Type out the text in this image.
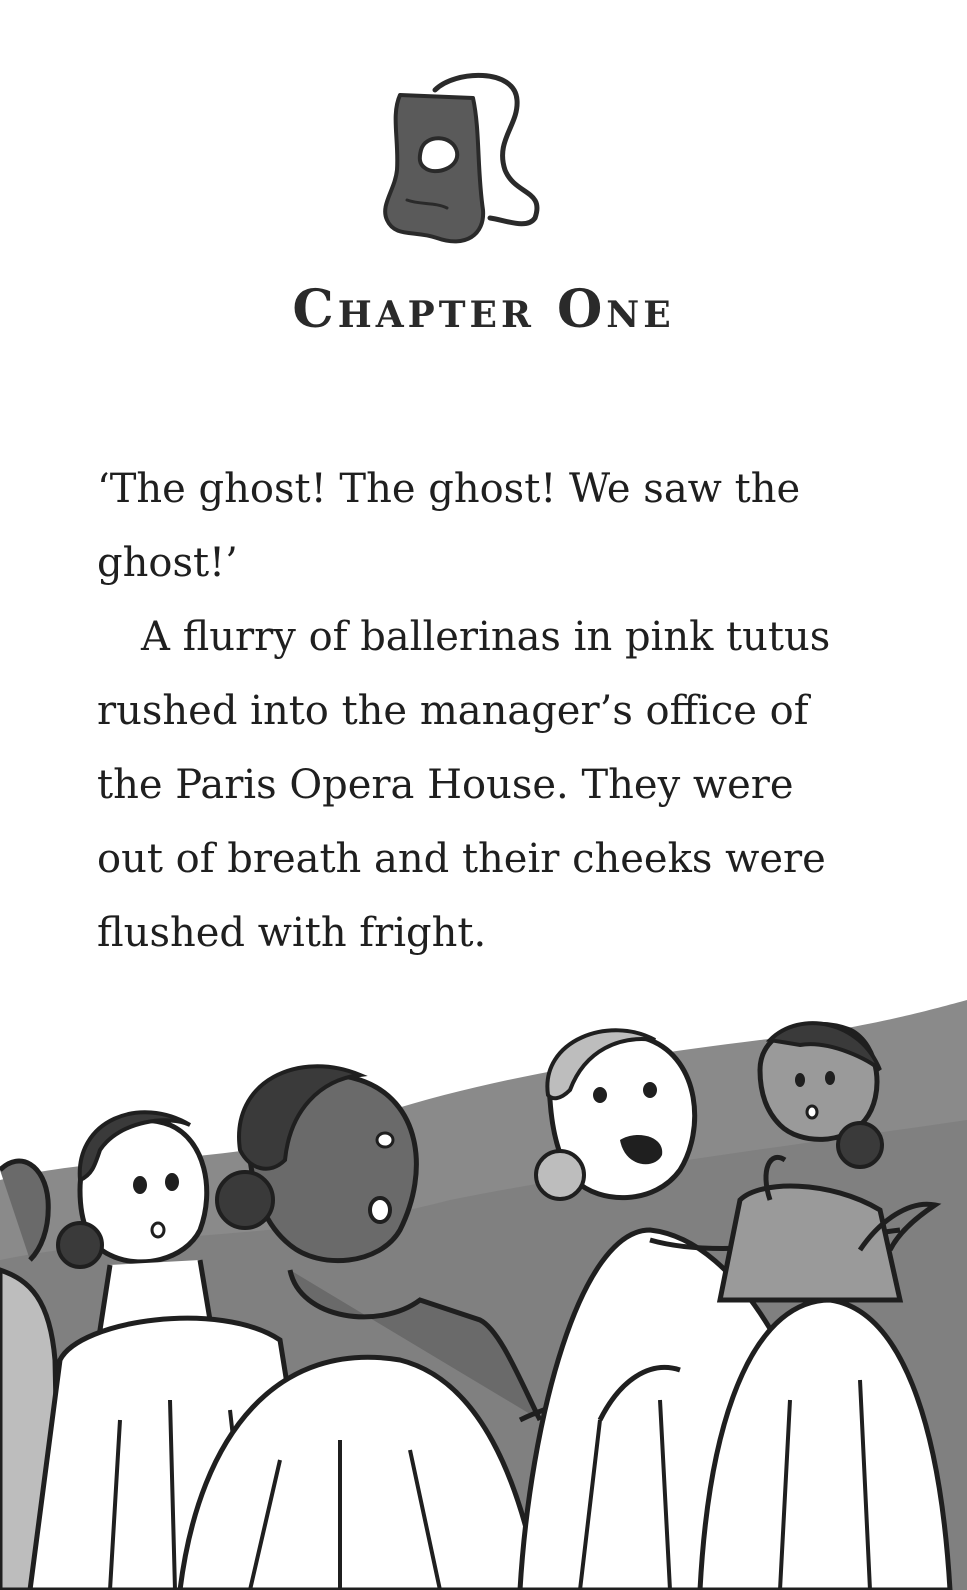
Chapter One

‘The ghost! The ghost! We saw the ghost!’

A flurry of ballerinas in pink tutus rushed into the manager’s office of the Paris Opera House. They were out of breath and their cheeks were flushed with fright.
